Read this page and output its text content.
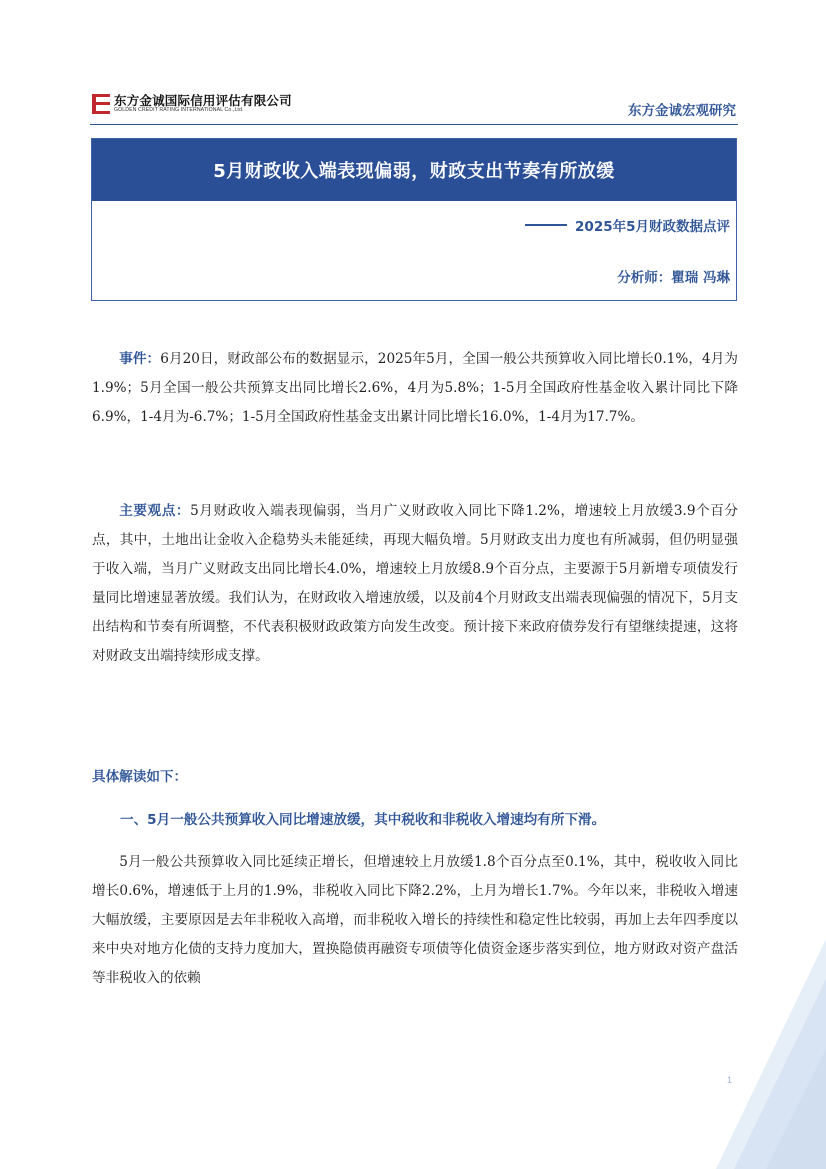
东方金诚国际信用评估有限公司
GOLDEN CREDIT RATING INTERNATIONAL Co.,Ltd.	东方金诚宏观研究
5月财政收入端表现偏弱，财政支出节奏有所放缓
2025年5月财政数据点评
分析师：瞿瑞 冯琳

事件：6月20日，财政部公布的数据显示，2025年5月，全国一般公共预算收入同比增长0.1%，4月为1.9%；5月全国一般公共预算支出同比增长2.6%，4月为5.8%；1-5月全国政府性基金收入累计同比下降6.9%，1-4月为-6.7%；1-5月全国政府性基金支出累计同比增长16.0%，1-4月为17.7%。

主要观点：5月财政收入端表现偏弱，当月广义财政收入同比下降1.2%，增速较上月放缓3.9个百分点，其中，土地出让金收入企稳势头未能延续，再现大幅负增。5月财政支出力度也有所减弱，但仍明显强于收入端，当月广义财政支出同比增长4.0%，增速较上月放缓8.9个百分点，主要源于5月新增专项债发行量同比增速显著放缓。我们认为，在财政收入增速放缓，以及前4个月财政支出端表现偏强的情况下，5月支出结构和节奏有所调整，不代表积极财政政策方向发生改变。预计接下来政府债券发行有望继续提速，这将对财政支出端持续形成支撑。

具体解读如下：
一、5月一般公共预算收入同比增速放缓，其中税收和非税收入增速均有所下滑。

5月一般公共预算收入同比延续正增长，但增速较上月放缓1.8个百分点至0.1%，其中，税收收入同比增长0.6%，增速低于上月的1.9%，非税收入同比下降2.2%，上月为增长1.7%。今年以来，非税收入增速大幅放缓，主要原因是去年非税收入高增，而非税收入增长的持续性和稳定性比较弱，再加上去年四季度以来中央对地方化债的支持力度加大，置换隐债再融资专项债等化债资金逐步落实到位，地方财政对资产盘活等非税收入的依赖

1
